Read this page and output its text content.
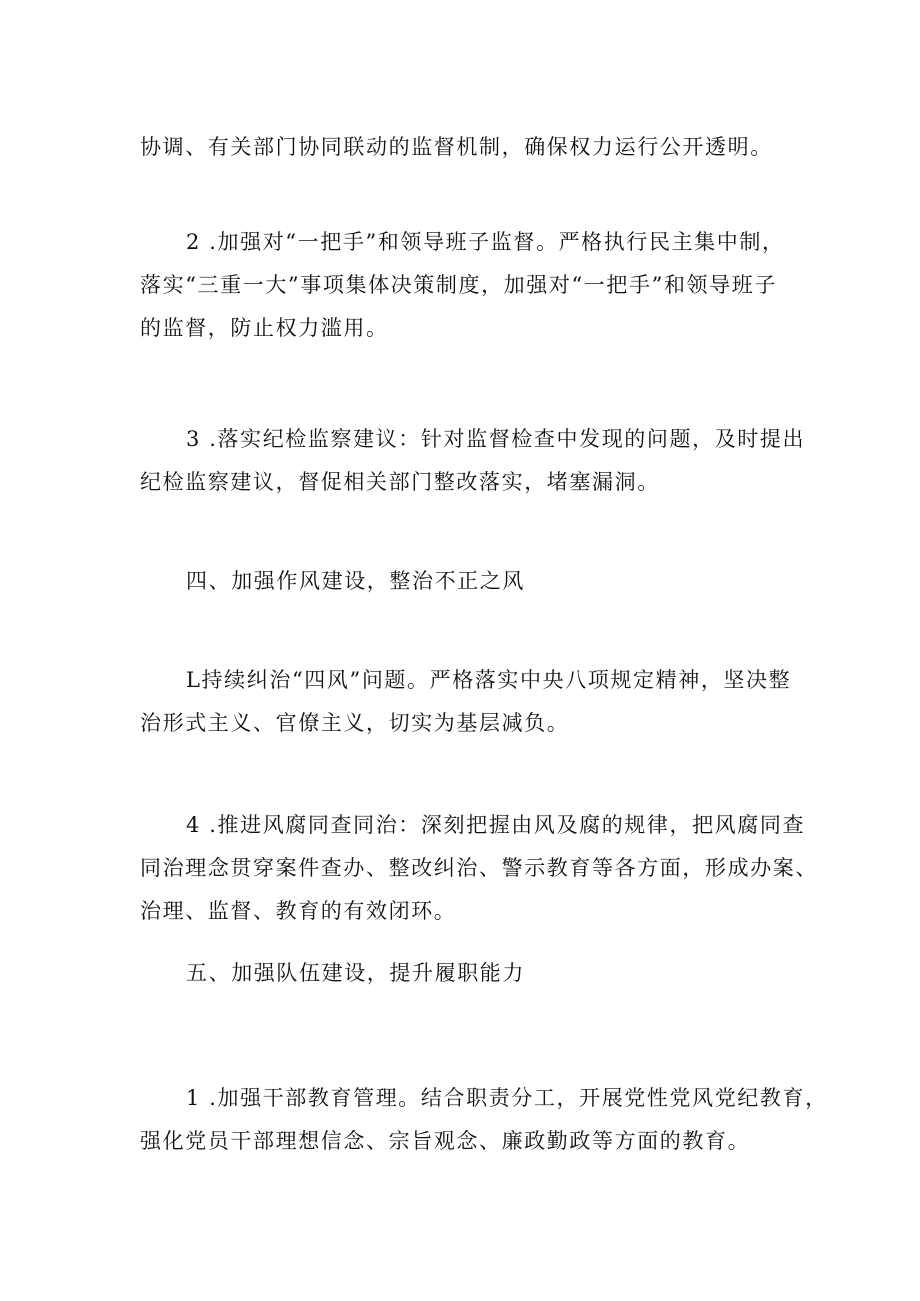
协调、有关部门协同联动的监督机制，确保权力运行公开透明。

2 .加强对“一把手”和领导班子监督。严格执行民主集中制，
落实“三重一大”事项集体决策制度，加强对“一把手”和领导班子
的监督，防止权力滥用。

3 .落实纪检监察建议：针对监督检查中发现的问题，及时提出
纪检监察建议，督促相关部门整改落实，堵塞漏洞。

四、加强作风建设，整治不正之风

L持续纠治“四风”问题。严格落实中央八项规定精神，坚决整
治形式主义、官僚主义，切实为基层减负。

4 .推进风腐同查同治：深刻把握由风及腐的规律，把风腐同查
同治理念贯穿案件查办、整改纠治、警示教育等各方面，形成办案、
治理、监督、教育的有效闭环。

五、加强队伍建设，提升履职能力

1 .加强干部教育管理。结合职责分工，开展党性党风党纪教育，
强化党员干部理想信念、宗旨观念、廉政勤政等方面的教育。
